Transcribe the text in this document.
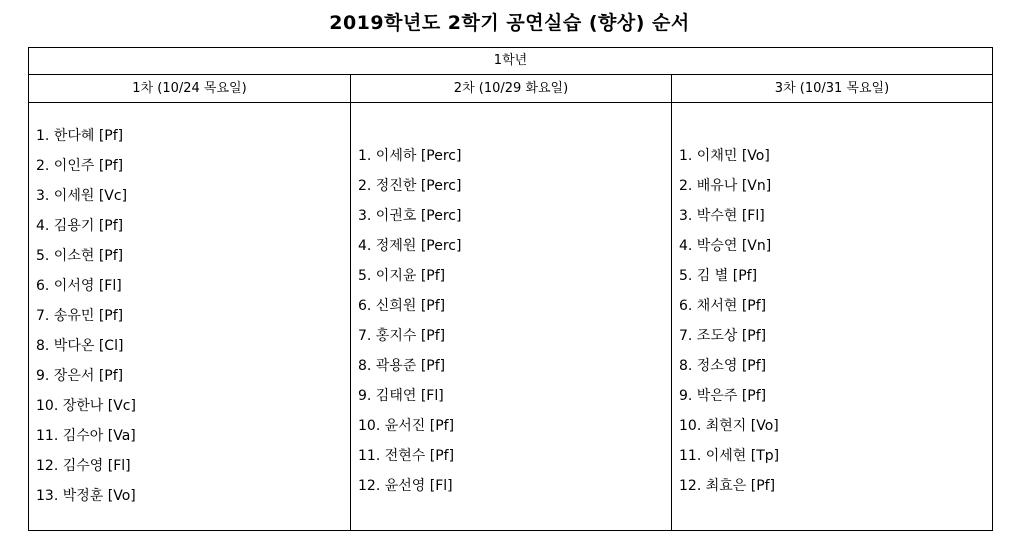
2019학년도 2학기 공연실습 (향상) 순서
1학년
1차 (10/24 목요일)
1. 한다혜 [Pf]
2. 이인주 [Pf]
3. 이세원 [Vc]
4. 김용기 [Pf]
5. 이소현 [Pf]
6. 이서영 [Fl]
7. 송유민 [Pf]
8. 박다온 [Cl]
9. 장은서 [Pf]
10. 장한나 [Vc]
11. 김수아 [Va]
12. 김수영 [Fl]
13. 박정훈 [Vo]
2차 (10/29 화요일)
1. 이세하 [Perc]
2. 정진한 [Perc]
3. 이권호 [Perc]
4. 정제원 [Perc]
5. 이지윤 [Pf]
6. 신희원 [Pf]
7. 홍지수 [Pf]
8. 곽용준 [Pf]
9. 김태연 [Fl]
10. 윤서진 [Pf]
11. 전현수 [Pf]
12. 윤선영 [Fl]
3차 (10/31 목요일)
1. 이채민 [Vo]
2. 배유나 [Vn]
3. 박수현 [Fl]
4. 박승연 [Vn]
5. 김 별 [Pf]
6. 채서현 [Pf]
7. 조도상 [Pf]
8. 정소영 [Pf]
9. 박은주 [Pf]
10. 최현지 [Vo]
11. 이세현 [Tp]
12. 최효은 [Pf]
